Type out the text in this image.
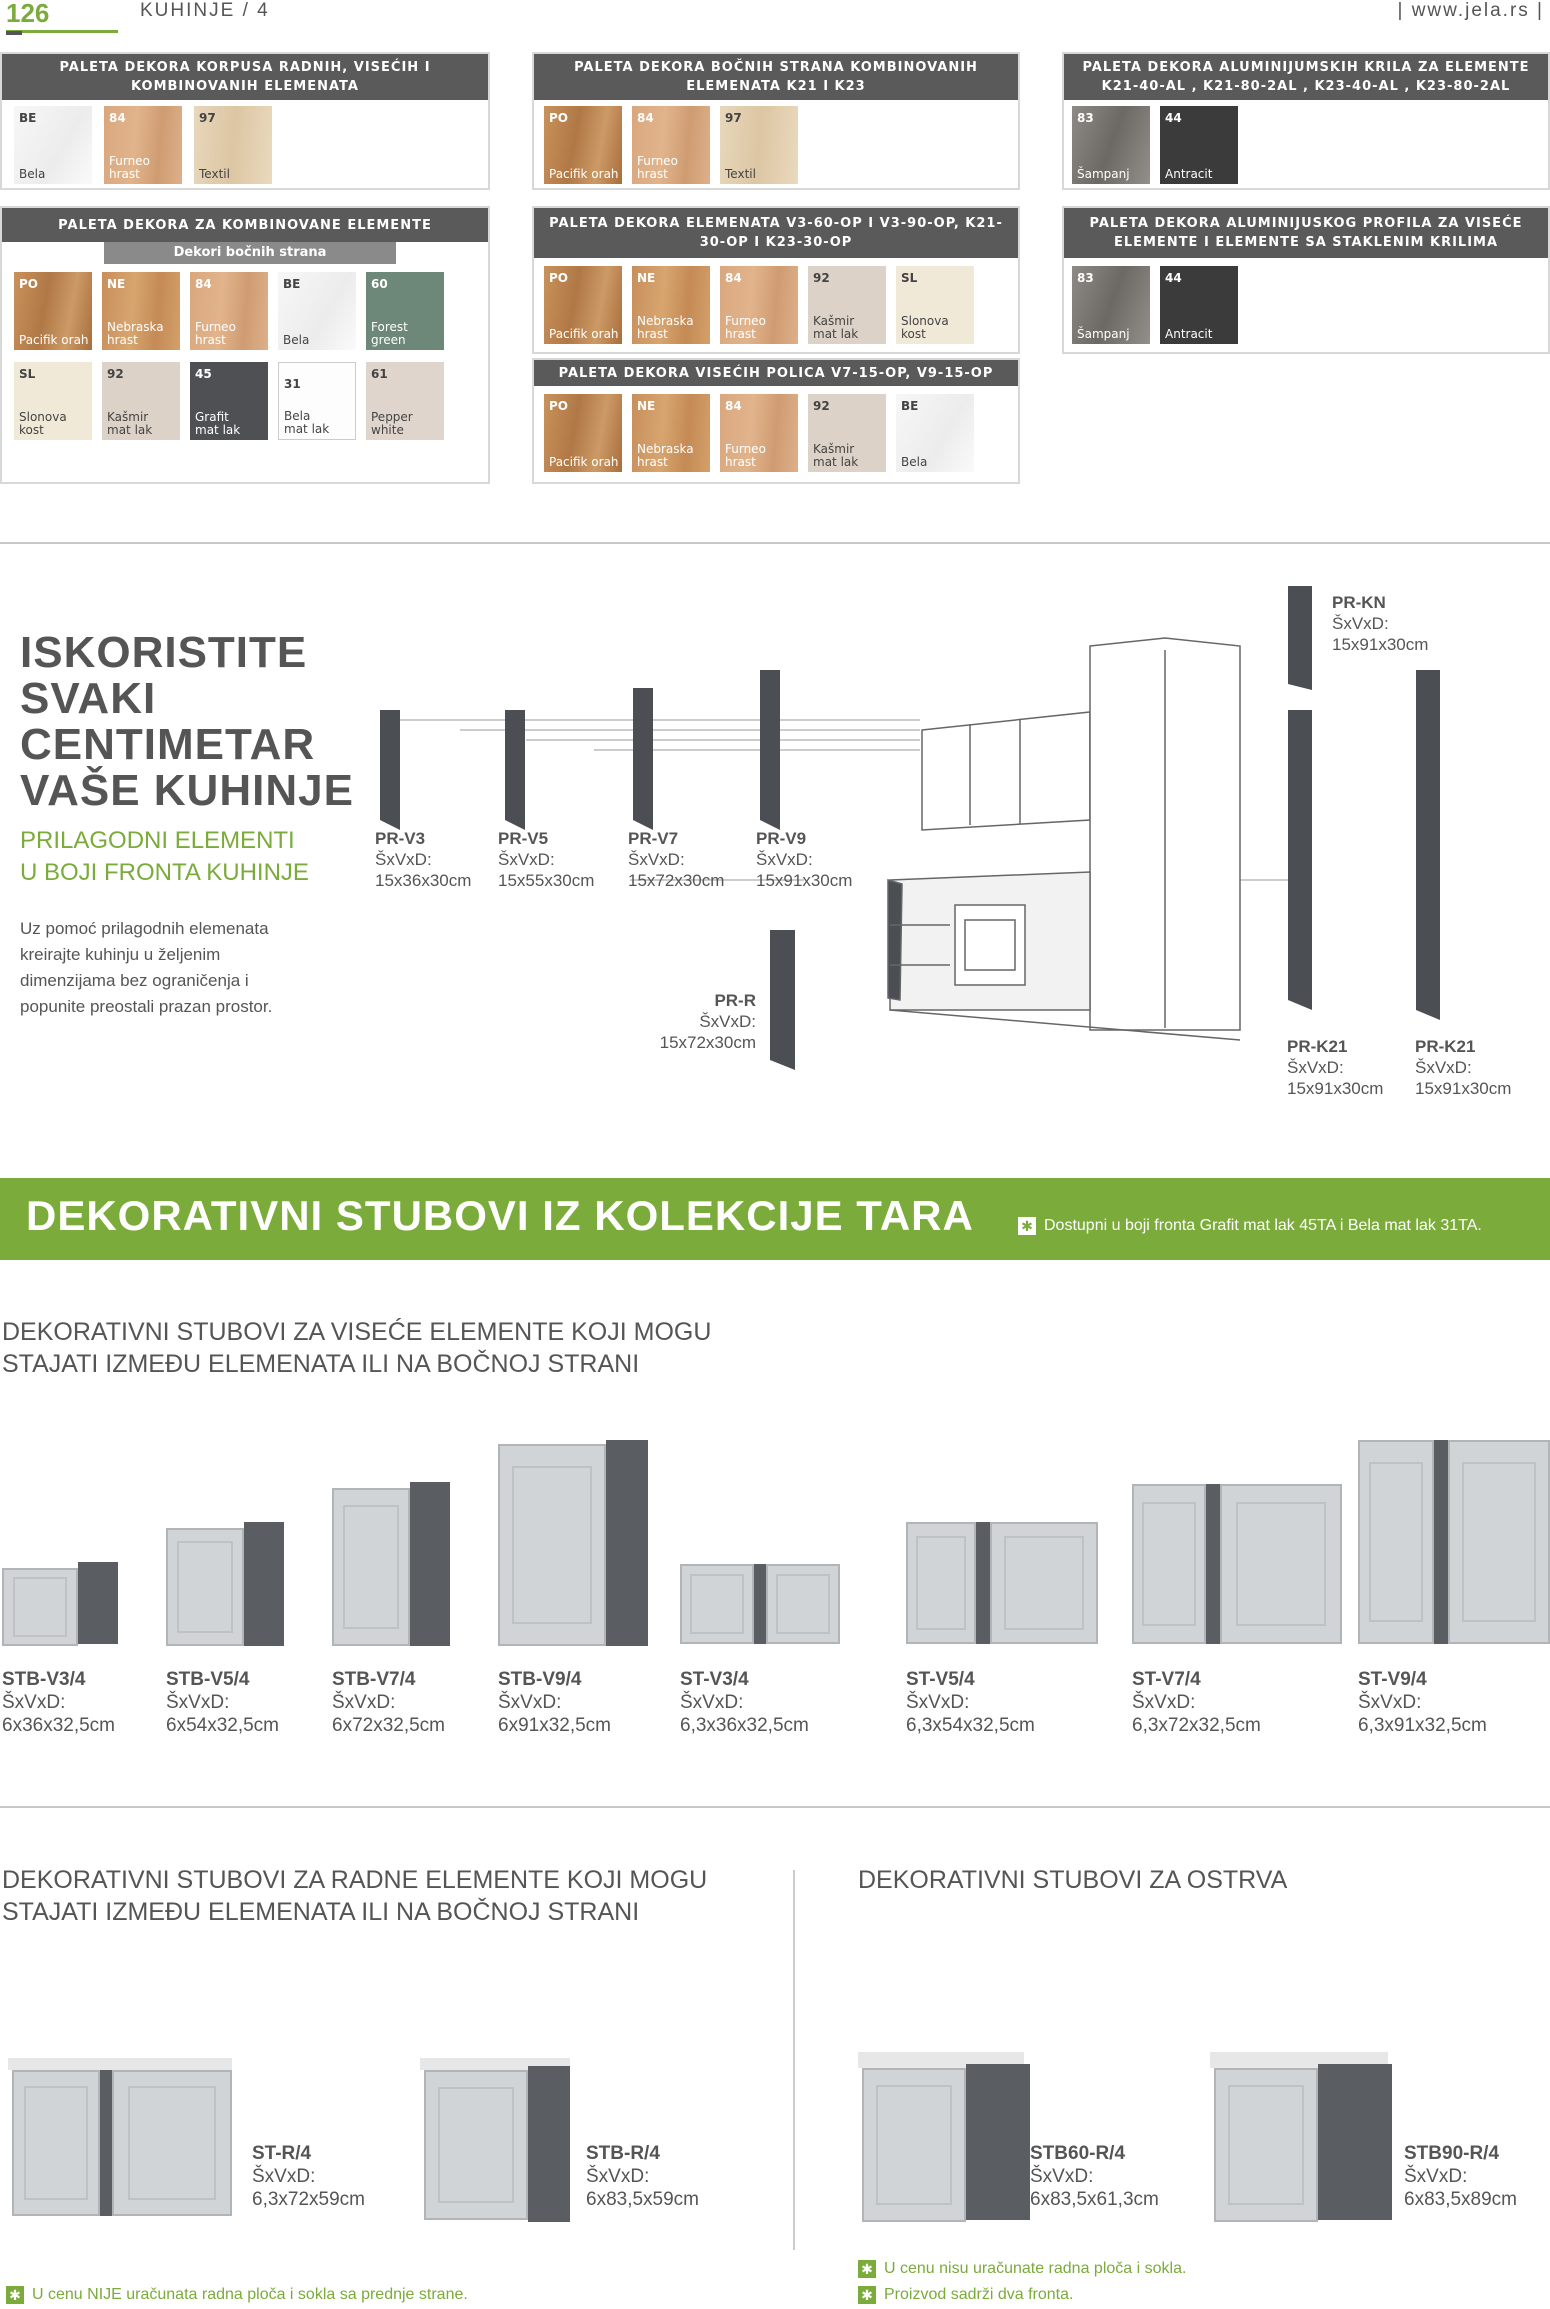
126	KUHINJE / 4	| www.jela.rs |
PALETA DEKORA KORPUSA RADNIH, VISEĆIH I KOMBINOVANIH ELEMENATA
BE
Bela
84
Furneo hrast
97
Textil
PALETA DEKORA BOČNIH STRANA KOMBINOVANIH ELEMENATA K21 I K23
PO
Pacifik orah
84
Furneo hrast
97
Textil
PALETA DEKORA ALUMINIJUMSKIH KRILA ZA ELEMENTE K21-40-AL , K21-80-2AL , K23-40-AL , K23-80-2AL
83
Šampanj
44
Antracit
PALETA DEKORA ZA KOMBINOVANE ELEMENTE
Dekori bočnih strana
PO
Pacifik orah
NE
Nebraska hrast
84
Furneo hrast
BE
Bela
60
Forest green
SL
Slonova kost
92
Kašmir mat lak
45
Grafit mat lak
31
Bela mat lak
61
Pepper white
PALETA DEKORA ELEMENATA V3-60-OP I V3-90-OP, K21-30-OP I K23-30-OP
PO
Pacifik orah
NE
Nebraska hrast
84
Furneo hrast
92
Kašmir mat lak
SL
Slonova kost
PALETA DEKORA ALUMINIJUSKOG PROFILA ZA VISEĆE ELEMENTE I ELEMENTE SA STAKLENIM KRILIMA
83
Šampanj
44
Antracit
PALETA DEKORA VISEĆIH POLICA V7-15-OP, V9-15-OP
PO
Pacifik orah
NE
Nebraska hrast
84
Furneo hrast
92
Kašmir mat lak
BE
Bela
ISKORISTITE
SVAKI
CENTIMETAR
VAŠE KUHINJE
PRILAGODNI ELEMENTI
U BOJI FRONTA KUHINJE
Uz pomoć prilagodnih elemenata
kreirajte kuhinju u željenim
dimenzijama bez ograničenja i
popunite preostali prazan prostor.
PR-V3
ŠxVxD:
15x36x30cm
PR-V5
ŠxVxD:
15x55x30cm
PR-V7
ŠxVxD:
15x72x30cm
PR-V9
ŠxVxD:
15x91x30cm
PR-R
ŠxVxD:
15x72x30cm
PR-KN
ŠxVxD:
15x91x30cm
PR-K21
ŠxVxD:
15x91x30cm
PR-K21
ŠxVxD:
15x91x30cm
DEKORATIVNI STUBOVI IZ KOLEKCIJE TARA	✱ Dostupni u boji fronta Grafit mat lak 45TA i Bela mat lak 31TA.
DEKORATIVNI STUBOVI ZA VISEĆE ELEMENTE KOJI MOGU
STAJATI IZMEĐU ELEMENATA ILI NA BOČNOJ STRANI
STB-V3/4
ŠxVxD:
6x36x32,5cm
STB-V5/4
ŠxVxD:
6x54x32,5cm
STB-V7/4
ŠxVxD:
6x72x32,5cm
STB-V9/4
ŠxVxD:
6x91x32,5cm
ST-V3/4
ŠxVxD:
6,3x36x32,5cm
ST-V5/4
ŠxVxD:
6,3x54x32,5cm
ST-V7/4
ŠxVxD:
6,3x72x32,5cm
ST-V9/4
ŠxVxD:
6,3x91x32,5cm
DEKORATIVNI STUBOVI ZA RADNE ELEMENTE KOJI MOGU
STAJATI IZMEĐU ELEMENATA ILI NA BOČNOJ STRANI
DEKORATIVNI STUBOVI ZA OSTRVA
ST-R/4
ŠxVxD:
6,3x72x59cm
STB-R/4
ŠxVxD:
6x83,5x59cm
STB60-R/4
ŠxVxD:
6x83,5x61,3cm
STB90-R/4
ŠxVxD:
6x83,5x89cm
✱ U cenu NIJE uračunata radna ploča i sokla sa prednje strane.
✱ U cenu nisu uračunate radna ploča i sokla.
✱ Proizvod sadrži dva fronta.
